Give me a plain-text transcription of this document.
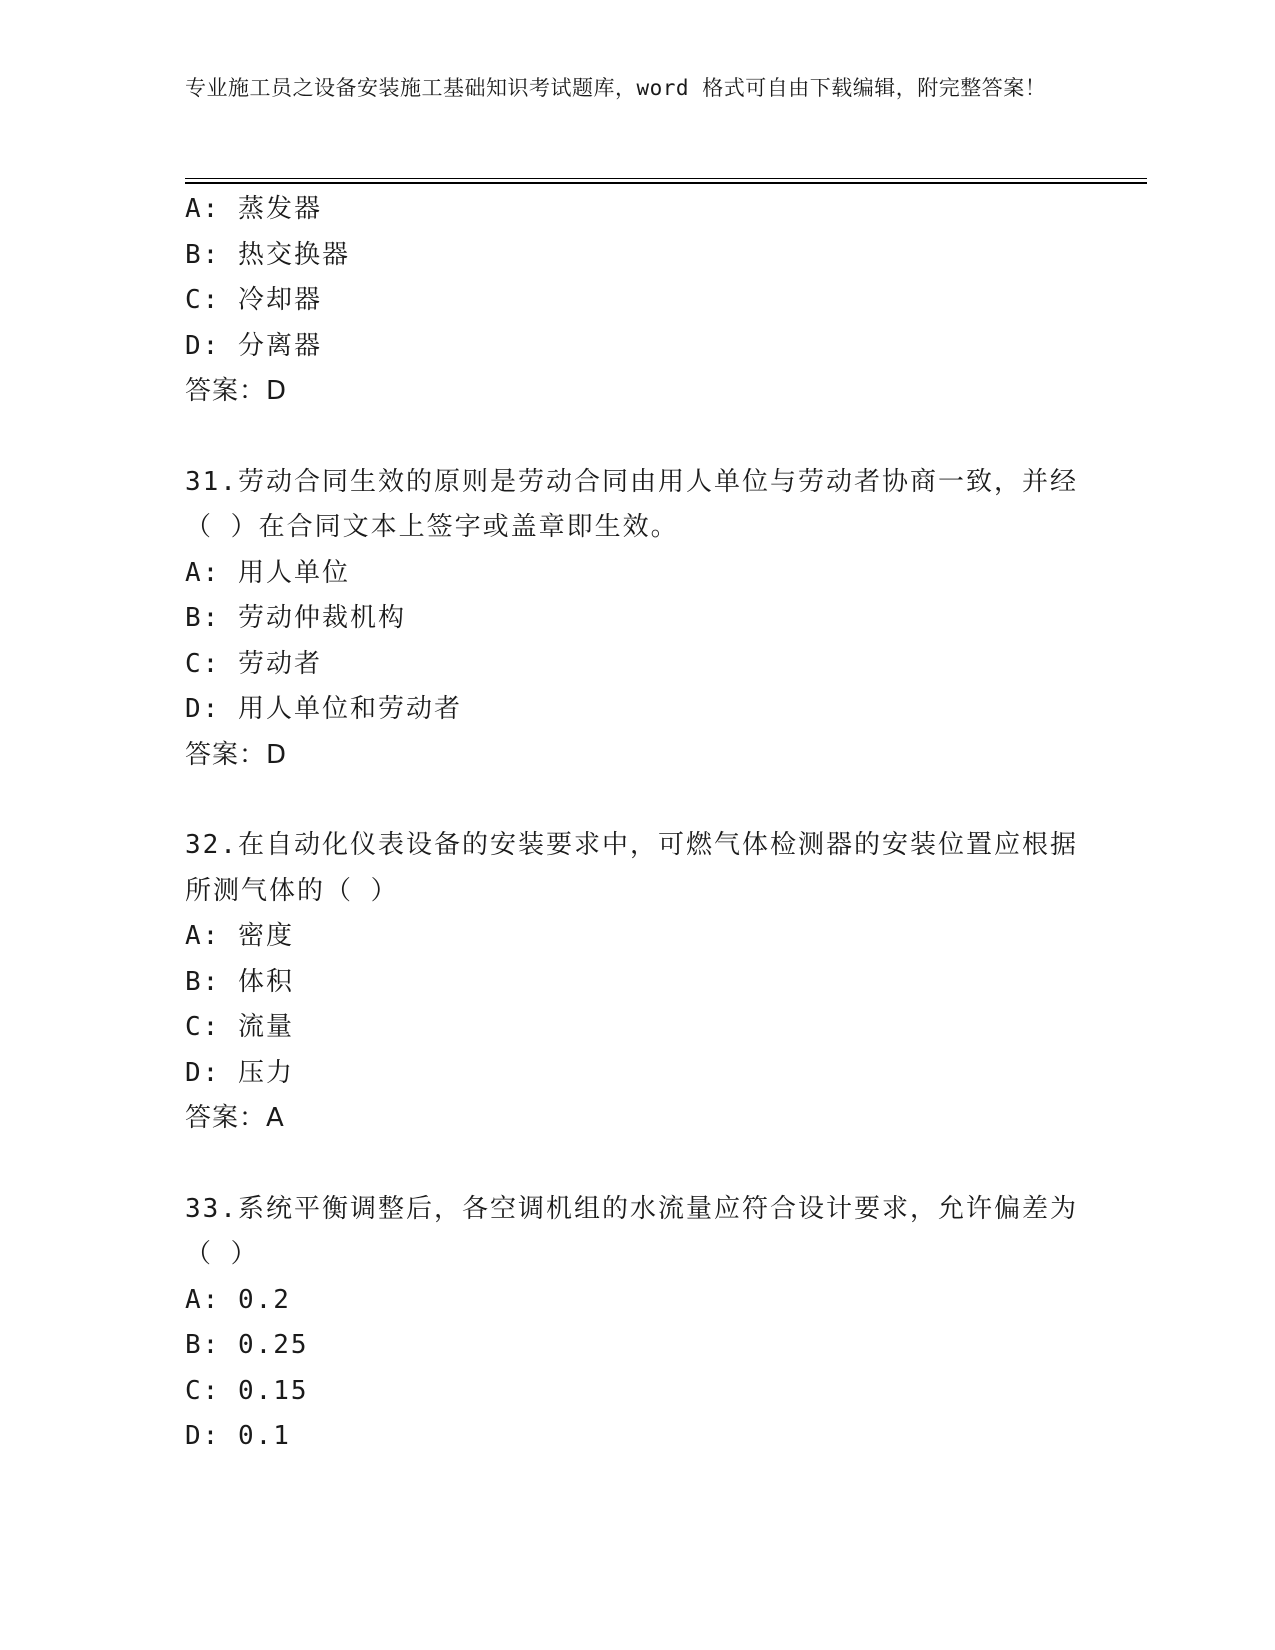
专业施工员之设备安装施工基础知识考试题库，word 格式可自由下载编辑，附完整答案！
A: 蒸发器
B: 热交换器
C: 冷却器
D: 分离器
答案：D
31.劳动合同生效的原则是劳动合同由用人单位与劳动者协商一致，并经（ ）在合同文本上签字或盖章即生效。
A: 用人单位
B: 劳动仲裁机构
C: 劳动者
D: 用人单位和劳动者
答案：D
32.在自动化仪表设备的安装要求中，可燃气体检测器的安装位置应根据所测气体的（ ）
A: 密度
B: 体积
C: 流量
D: 压力
答案：A
33.系统平衡调整后，各空调机组的水流量应符合设计要求，允许偏差为（ ）
A: 0.2
B: 0.25
C: 0.15
D: 0.1
